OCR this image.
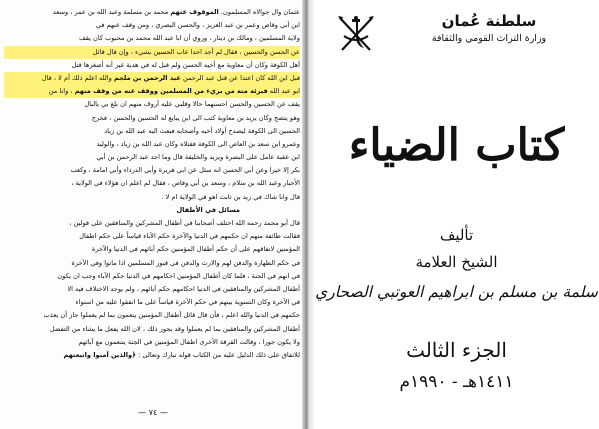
عثمان وال جوالاه المسلمون. الموقوف عنهم محمد بن مسلمة وعبد الله بن عمر ، وسعد
ابن أبي وقاص وعمر بن عبد العزيز ، والحسن البصري ، ومن وقف عنهم في
ولاية المسلمين ، ومالك بن دينار ، وروي أن ابا عبد الله محمد بن محبوب كان يقف
عن الحسن والحسين ، فقال لم أجد احدا عاب الحسين بشيء ، وإن قال قائل
أهل الكوفة وكان أن معاوية مع أخيه الحسن ولم قبل له في هدية غير أنه أصغرها قتل
قبل ابن الله كان اعتدا عن قتل عبد الرحمن عبد الرحمن بن ملجم والله اعلم ذلك أم لا ، قال
ابو عبد الله فبرئه منه من بريء من المسلمين ووقف عنه من وقف منهم ، وانا من
يقف عن الحسين والحسن احسنهما حالا وقلبي عليه أروف منهم ان بلغ بي بالبال
وهو يتضح وكان يزيد بن معاوية كتب الى ابن يبايع له الحسين والحسن ، فخرج
الحسين الى الكوفة ليصدح أولاد أخيه وأصحابه فبعث اليه عبد الله بن زياد
وعمرو ابن سعد بن العاص الى الكوفة فقتلاه وكان عبد الله بن زياد ، والوليد
ابن عقبة عامل على البصرة ويزيد والخليفة قال وما اجد عبد الرحمن بن أبي
بكر إلا خيرا وعن أبي الحسن انه سئل عن ابي هريرة وأبي الدرداء وأبي امامة ، وكعب
الأحبار وعبد الله بن سلام ، وسعد بن أبي وقاص ، فقال لم اعلم ان هؤلاء في الولاية ،
قال وانا شاك في زيد بن ثابت اهو في الولاية ام لا .
مسائل في الأطفال
قال أبو محمد رحمه الله اختلف أصحابنا في أطفال المشركين والمنافقين على قولين ،
فقالت طائفة منهم ان حكمهم في الدنيا والآخرة حكم الآباء قياساً على حكم اطفال
المؤمنين لانفاقهم على أن حكم أطفال المؤمنين حكم آبائهم في الدنيا والآخرة
في حكم الطهارة والدفن لهم والارث والدفن في قبور المسلمين اذا ماتوا وفي الآخرة
في انهم في الجنة ، فلما كان أطفال المؤمنين احكامهم في الدنيا حكم الآباء وجب ان يكون
أطفال المشركين والمنافقين في الدنيا احكامهم حكم آبائهم ، ولم يوجد الاختلاف فيه الا
في الآخرة وكان التسوية بينهم في حكم الآخرة قياساً على ما اتفقوا عليه من استواء
حكمهم في الدنيا والله اعلم ، فأن قال قائل أطفال المؤمنين ينعمون بما لم يعملوا جاز أن يعذب
أطفال المشركين والمنافقين بما لم يعملوا وقد يجوز ذلك ، لان الله يفعل ما يشاء من التفضل
ولا يكون جورا ، وقالت الفرقة الأخرى اطفال المؤمنين في الجنة يتنعمون مع آبائهم
للاتفاق على ذلك الدليل عليه من الكتاب قوله تبارك وتعالى : ﴿والذين آمنوا واتبعتهم
— ٧٤ —
سلطنة عُمان
وزارة التراث القومي والثقافة
كتاب الضياء
تأليف
الشيخ العلامة
سلمة بن مسلم بن ابراهيم العوتبي الصحاري
الجزء الثالث
١٤١١هـ - ١٩٩٠م
